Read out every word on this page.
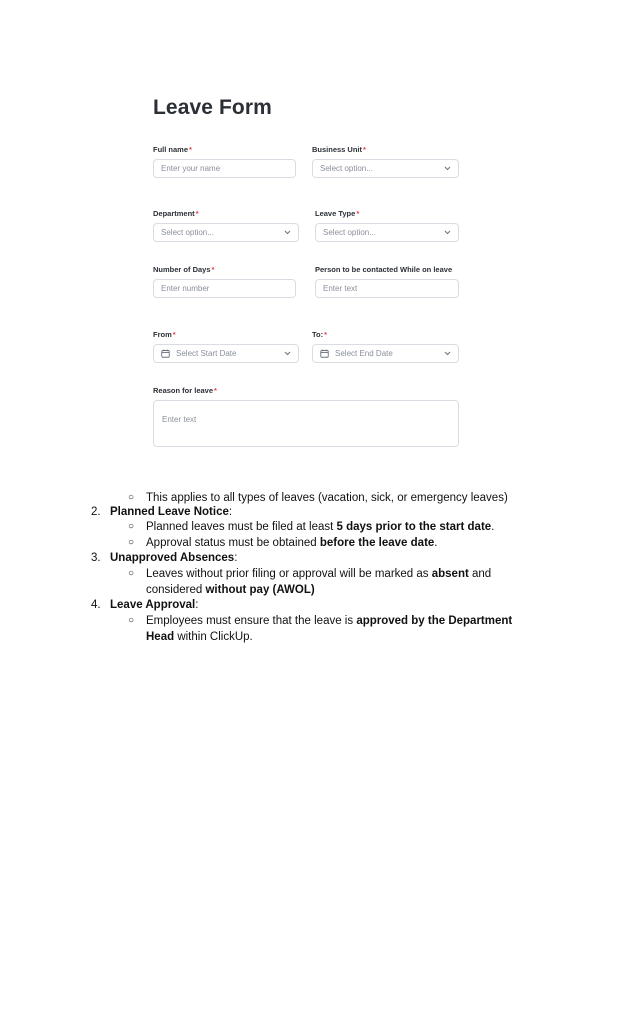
Leave Form
Full name*
Enter your name
Business Unit*
Select option...
Department*
Select option...
Leave Type*
Select option...
Number of Days*
Enter number
Person to be contacted While on leave
Enter text
From*
Select Start Date
To:*
Select End Date
Reason for leave*
Enter text
○ This applies to all types of leaves (vacation, sick, or emergency leaves)
2. Planned Leave Notice:
○ Planned leaves must be filed at least 5 days prior to the start date.
○ Approval status must be obtained before the leave date.
3. Unapproved Absences:
○ Leaves without prior filing or approval will be marked as absent and
considered without pay (AWOL)
4. Leave Approval:
○ Employees must ensure that the leave is approved by the Department
Head within ClickUp.
